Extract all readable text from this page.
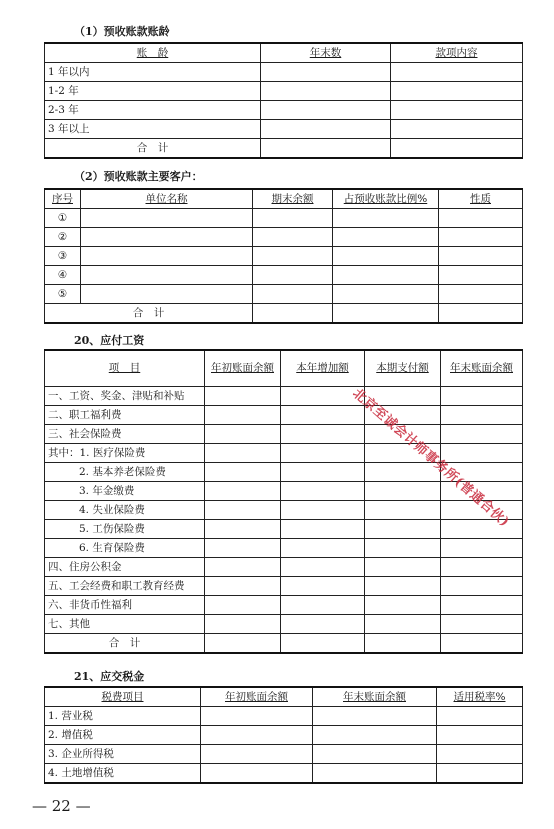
（1）预收账款账龄
账　龄	年末数	款项内容
1 年以内		
1-2 年		
2-3 年		
3 年以上		
合　计		
（2）预收账款主要客户：
序号	单位名称	期末余额	占预收账款比例%	性质
①				
②				
③				
④				
⑤				
合　计				
20、应付工资
项　目	年初账面余额	本年增加额	本期支付额	年末账面余额
一、工资、奖金、津贴和补贴				
二、职工福利费				
三、社会保险费				
其中：1. 医疗保险费				
2. 基本养老保险费				
3. 年金缴费				
4. 失业保险费				
5. 工伤保险费				
6. 生育保险费				
四、住房公积金				
五、工会经费和职工教育经费				
六、非货币性福利				
七、其他				
合　计				
21、应交税金
税费项目	年初账面余额	年末账面余额	适用税率%
1. 营业税			
2. 增值税			
3. 企业所得税			
4. 土地增值税			
北京至诚会计师事务所(普通合伙)
— 22 —
